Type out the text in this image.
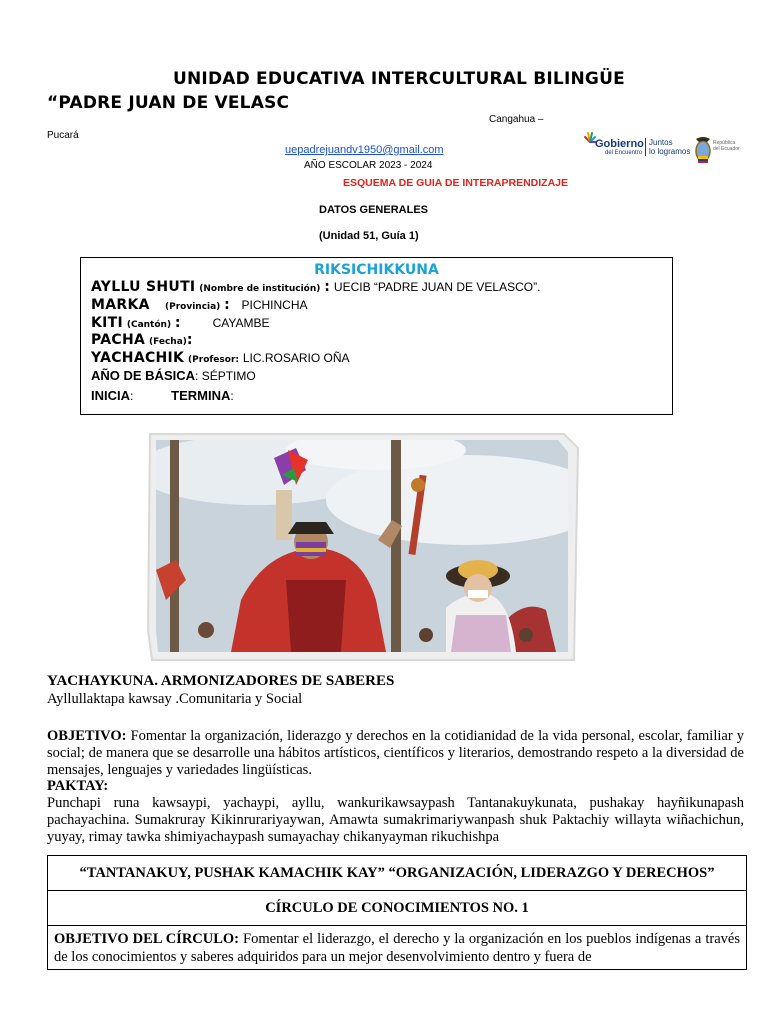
UNIDAD EDUCATIVA INTERCULTURAL BILINGÜE
“PADRE JUAN DE VELASC
Cangahua –
Pucará
Gobierno
del Encuentro
Juntos
lo logramos
República
del Ecuador
uepadrejuandv1950@gmail.com
AÑO ESCOLAR 2023 - 2024
ESQUEMA DE GUIA DE INTERAPRENDIZAJE
DATOS GENERALES
(Unidad 51, Guía 1)
RIKSICHIKKUNA
AYLLU SHUTI (Nombre de institución) : UECIB “PADRE JUAN DE VELASCO”.
MARKA (Provincia) : PICHINCHA
KITI (Cantón) :	CAYAMBE
PACHA (Fecha):
YACHACHIK (Profesor: LIC.ROSARIO OÑA
AÑO DE BÁSICA: SÉPTIMO
INICIA:	TERMINA:
YACHAYKUNA. ARMONIZADORES DE SABERES
Ayllullaktapa kawsay .Comunitaria y Social
OBJETIVO: Fomentar la organización, liderazgo y derechos en la cotidianidad de la vida personal, escolar, familiar y social; de manera que se desarrolle una hábitos artísticos, científicos y literarios, demostrando respeto a la diversidad de mensajes, lenguajes y variedades lingüísticas.
PAKTAY:
Punchapi runa kawsaypi, yachaypi, ayllu, wankurikawsaypash Tantanakuykunata, pushakay hayñikunapash pachayachina. Sumakruray Kikinrurariyaywan, Amawta sumakrimariywanpash shuk Paktachiy willayta wiñachichun, yuyay, rimay tawka shimiyachaypash sumayachay chikanyayman rikuchishpa
“TANTANAKUY, PUSHAK KAMACHIK KAY” “ORGANIZACIÓN, LIDERAZGO Y DERECHOS”
CÍRCULO DE CONOCIMIENTOS NO. 1
OBJETIVO DEL CÍRCULO: Fomentar el liderazgo, el derecho y la organización en los pueblos indígenas a través de los conocimientos y saberes adquiridos para un mejor desenvolvimiento dentro y fuera de
